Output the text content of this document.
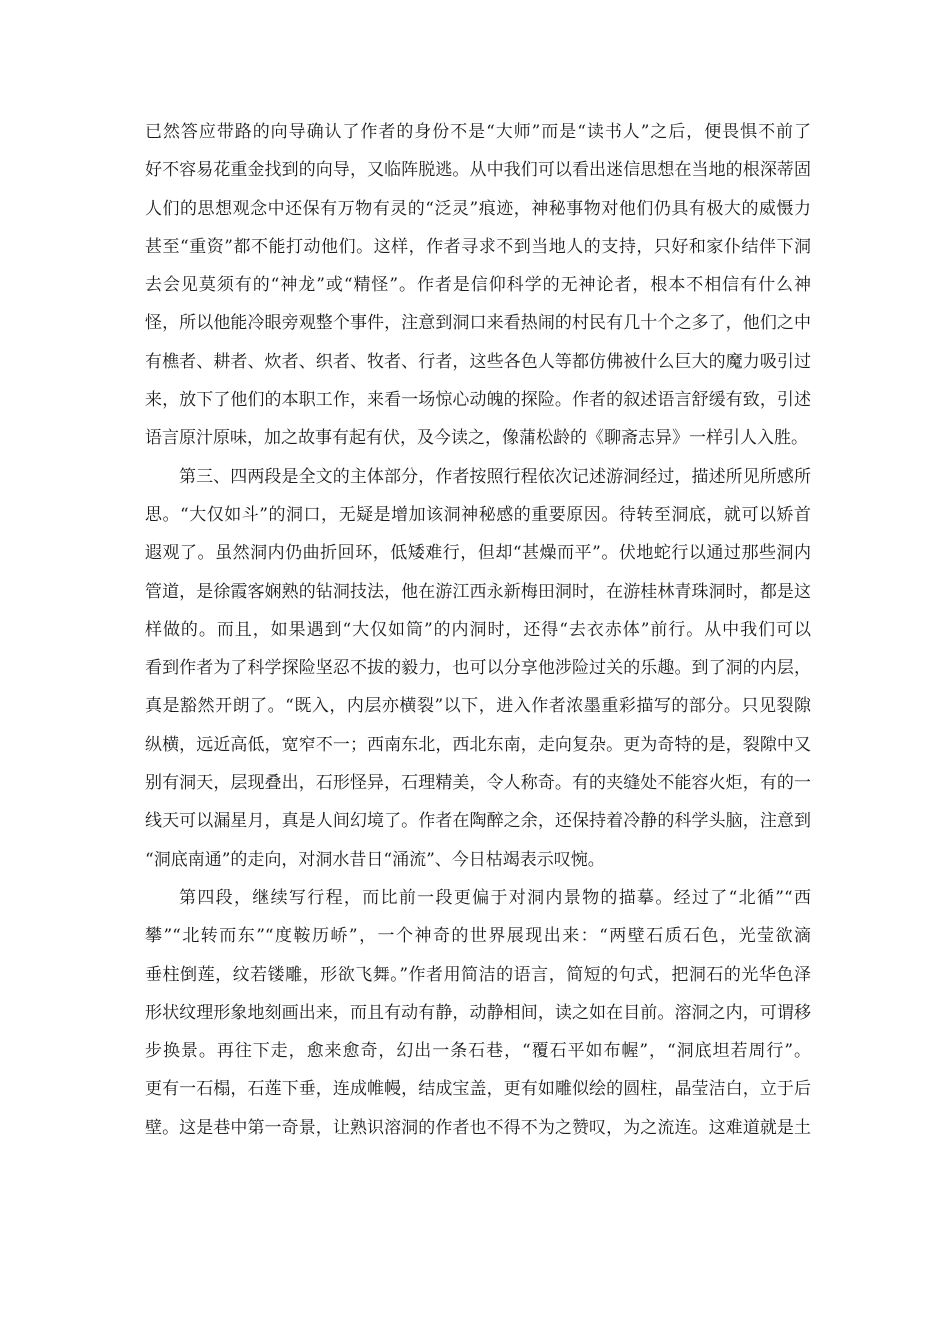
已然答应带路的向导确认了作者的身份不是“大师”而是“读书人”之后，便畏惧不前了
好不容易花重金找到的向导，又临阵脱逃。从中我们可以看出迷信思想在当地的根深蒂固
人们的思想观念中还保有万物有灵的“泛灵”痕迹，神秘事物对他们仍具有极大的威慑力
甚至“重资”都不能打动他们。这样，作者寻求不到当地人的支持，只好和家仆结伴下洞
去会见莫须有的“神龙”或“精怪”。作者是信仰科学的无神论者，根本不相信有什么神
怪，所以他能冷眼旁观整个事件，注意到洞口来看热闹的村民有几十个之多了，他们之中
有樵者、耕者、炊者、织者、牧者、行者，这些各色人等都仿佛被什么巨大的魔力吸引过
来，放下了他们的本职工作，来看一场惊心动魄的探险。作者的叙述语言舒缓有致，引述
语言原汁原味，加之故事有起有伏，及今读之，像蒲松龄的《聊斋志异》一样引人入胜。
第三、四两段是全文的主体部分，作者按照行程依次记述游洞经过，描述所见所感所
思。“大仅如斗”的洞口，无疑是增加该洞神秘感的重要原因。待转至洞底，就可以矫首
遐观了。虽然洞内仍曲折回环，低矮难行，但却“甚燥而平”。伏地蛇行以通过那些洞内
管道，是徐霞客娴熟的钻洞技法，他在游江西永新梅田洞时，在游桂林青珠洞时，都是这
样做的。而且，如果遇到“大仅如筒”的内洞时，还得“去衣赤体”前行。从中我们可以
看到作者为了科学探险坚忍不拔的毅力，也可以分享他涉险过关的乐趣。到了洞的内层，
真是豁然开朗了。“既入，内层亦横裂”以下，进入作者浓墨重彩描写的部分。只见裂隙
纵横，远近高低，宽窄不一；西南东北，西北东南，走向复杂。更为奇特的是，裂隙中又
别有洞天，层现叠出，石形怪异，石理精美，令人称奇。有的夹缝处不能容火炬，有的一
线天可以漏星月，真是人间幻境了。作者在陶醉之余，还保持着冷静的科学头脑，注意到
“洞底南通”的走向，对洞水昔日“涌流”、今日枯竭表示叹惋。
第四段，继续写行程，而比前一段更偏于对洞内景物的描摹。经过了“北循”“西
攀”“北转而东”“度鞍历峤”，一个神奇的世界展现出来：“两壁石质石色，光莹欲滴
垂柱倒莲，纹若镂雕，形欲飞舞。”作者用简洁的语言，简短的句式，把洞石的光华色泽
形状纹理形象地刻画出来，而且有动有静，动静相间，读之如在目前。溶洞之内，可谓移
步换景。再往下走，愈来愈奇，幻出一条石巷，“覆石平如布幄”，“洞底坦若周行”。
更有一石榻，石莲下垂，连成帷幔，结成宝盖，更有如雕似绘的圆柱，晶莹洁白，立于后
壁。这是巷中第一奇景，让熟识溶洞的作者也不得不为之赞叹，为之流连。这难道就是土
